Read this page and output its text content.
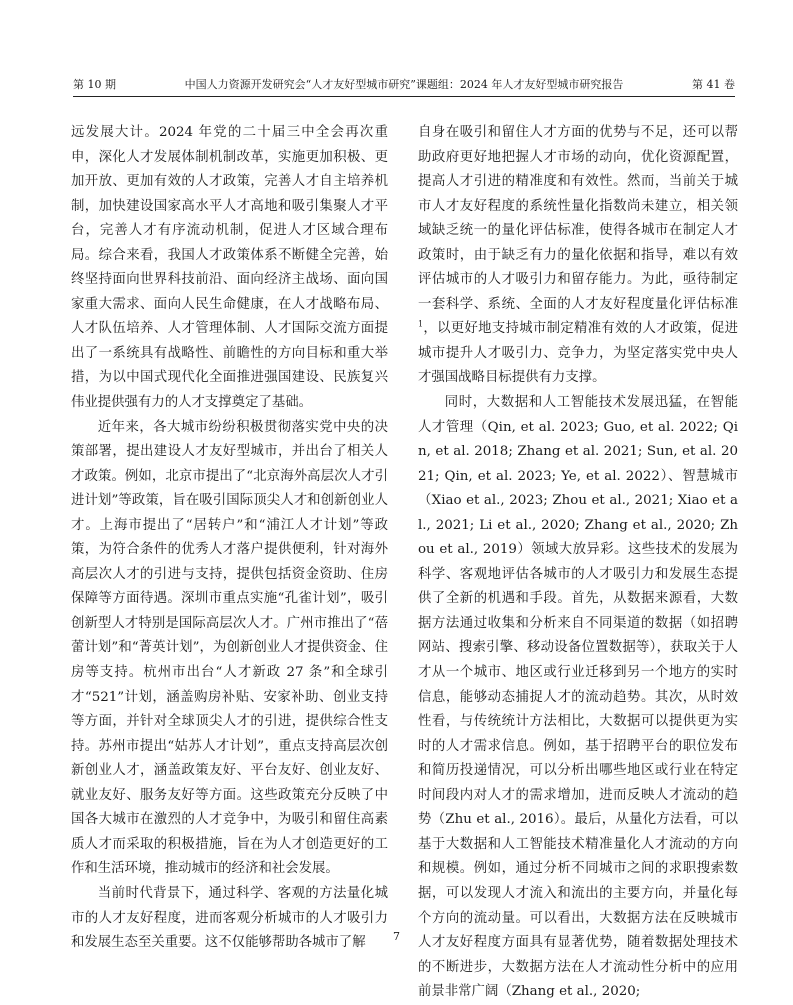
第 10 期	中国人力资源开发研究会“人才友好型城市研究”课题组：2024 年人才友好型城市研究报告	第 41 卷

远发展大计。2024 年党的二十届三中全会再次重申，深化人才发展体制机制改革，实施更加积极、更加开放、更加有效的人才政策，完善人才自主培养机制，加快建设国家高水平人才高地和吸引集聚人才平台，完善人才有序流动机制，促进人才区域合理布局。综合来看，我国人才政策体系不断健全完善，始终坚持面向世界科技前沿、面向经济主战场、面向国家重大需求、面向人民生命健康，在人才战略布局、人才队伍培养、人才管理体制、人才国际交流方面提出了一系统具有战略性、前瞻性的方向目标和重大举措，为以中国式现代化全面推进强国建设、民族复兴伟业提供强有力的人才支撑奠定了基础。

近年来，各大城市纷纷积极贯彻落实党中央的决策部署，提出建设人才友好型城市，并出台了相关人才政策。例如，北京市提出了“北京海外高层次人才引进计划”等政策，旨在吸引国际顶尖人才和创新创业人才。上海市提出了“居转户”和“浦江人才计划”等政策，为符合条件的优秀人才落户提供便利，针对海外高层次人才的引进与支持，提供包括资金资助、住房保障等方面待遇。深圳市重点实施“孔雀计划”，吸引创新型人才特别是国际高层次人才。广州市推出了“蓓蕾计划”和“菁英计划”，为创新创业人才提供资金、住房等支持。杭州市出台“人才新政 27 条”和全球引才“521”计划，涵盖购房补贴、安家补助、创业支持等方面，并针对全球顶尖人才的引进，提供综合性支持。苏州市提出“姑苏人才计划”，重点支持高层次创新创业人才，涵盖政策友好、平台友好、创业友好、就业友好、服务友好等方面。这些政策充分反映了中国各大城市在激烈的人才竞争中，为吸引和留住高素质人才而采取的积极措施，旨在为人才创造更好的工作和生活环境，推动城市的经济和社会发展。

当前时代背景下，通过科学、客观的方法量化城市的人才友好程度，进而客观分析城市的人才吸引力和发展生态至关重要。这不仅能够帮助各城市了解

自身在吸引和留住人才方面的优势与不足，还可以帮助政府更好地把握人才市场的动向，优化资源配置，提高人才引进的精准度和有效性。然而，当前关于城市人才友好程度的系统性量化指数尚未建立，相关领域缺乏统一的量化评估标准，使得各城市在制定人才政策时，由于缺乏有力的量化依据和指导，难以有效评估城市的人才吸引力和留存能力。为此，亟待制定一套科学、系统、全面的人才友好程度量化评估标准$^1$，以更好地支持城市制定精准有效的人才政策，促进城市提升人才吸引力、竞争力，为坚定落实党中央人才强国战略目标提供有力支撑。

同时，大数据和人工智能技术发展迅猛，在智能人才管理（Qin, et al. 2023; Guo, et al. 2022; Qin, et al. 2018; Zhang et al. 2021; Sun, et al. 2021; Qin, et al. 2023; Ye, et al. 2022）、智慧城市（Xiao et al., 2023; Zhou et al., 2021; Xiao et al., 2021; Li et al., 2020; Zhang et al., 2020; Zhou et al., 2019）领域大放异彩。这些技术的发展为科学、客观地评估各城市的人才吸引力和发展生态提供了全新的机遇和手段。首先，从数据来源看，大数据方法通过收集和分析来自不同渠道的数据（如招聘网站、搜索引擎、移动设备位置数据等），获取关于人才从一个城市、地区或行业迁移到另一个地方的实时信息，能够动态捕捉人才的流动趋势。其次，从时效性看，与传统统计方法相比，大数据可以提供更为实时的人才需求信息。例如，基于招聘平台的职位发布和简历投递情况，可以分析出哪些地区或行业在特定时间段内对人才的需求增加，进而反映人才流动的趋势（Zhu et al., 2016）。最后，从量化方法看，可以基于大数据和人工智能技术精准量化人才流动的方向和规模。例如，通过分析不同城市之间的求职搜索数据，可以发现人才流入和流出的主要方向，并量化每个方向的流动量。可以看出，大数据方法在反映城市人才友好程度方面具有显著优势，随着数据处理技术的不断进步，大数据方法在人才流动性分析中的应用前景非常广阔（Zhang et al., 2020;

7
